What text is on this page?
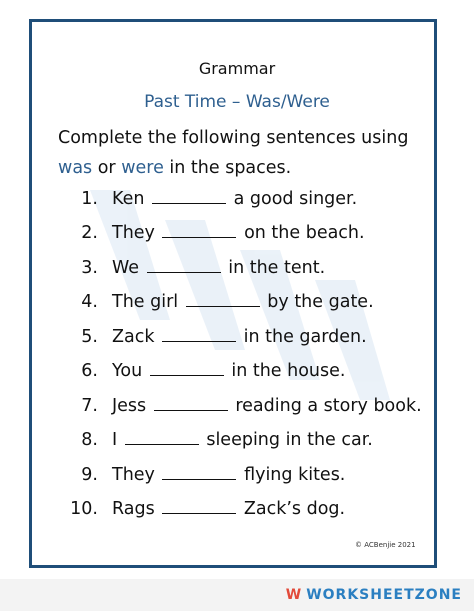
Grammar
Past Time – Was/Were
Complete the following sentences using
was or were in the spaces.
1. Ken	a good singer.
2. They	on the beach.
3. We	in the tent.
4. The girl	by the gate.
5. Zack	in the garden.
6. You	in the house.
7. Jess	reading a story book.
8. I	sleeping in the car.
9. They	flying kites.
10. Rags	Zack’s dog.
© ACBenjie 2021
W WORKSHEETZONE
